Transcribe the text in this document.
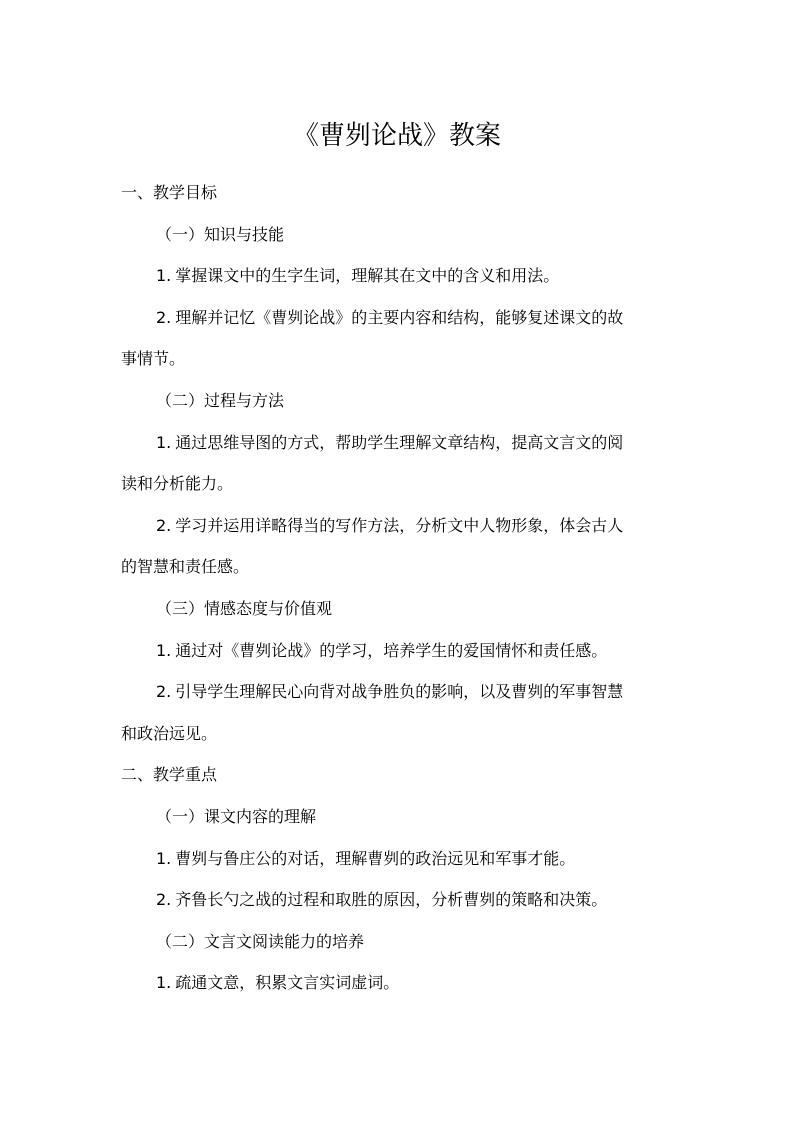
《曹刿论战》教案
一、教学目标
（一）知识与技能
1. 掌握课文中的生字生词，理解其在文中的含义和用法。
2. 理解并记忆《曹刿论战》的主要内容和结构，能够复述课文的故
事情节。
（二）过程与方法
1. 通过思维导图的方式，帮助学生理解文章结构，提高文言文的阅
读和分析能力。
2. 学习并运用详略得当的写作方法，分析文中人物形象，体会古人
的智慧和责任感。
（三）情感态度与价值观
1. 通过对《曹刿论战》的学习，培养学生的爱国情怀和责任感。
2. 引导学生理解民心向背对战争胜负的影响，以及曹刿的军事智慧
和政治远见。
二、教学重点
（一）课文内容的理解
1. 曹刿与鲁庄公的对话，理解曹刿的政治远见和军事才能。
2. 齐鲁长勺之战的过程和取胜的原因，分析曹刿的策略和决策。
（二）文言文阅读能力的培养
1. 疏通文意，积累文言实词虚词。
